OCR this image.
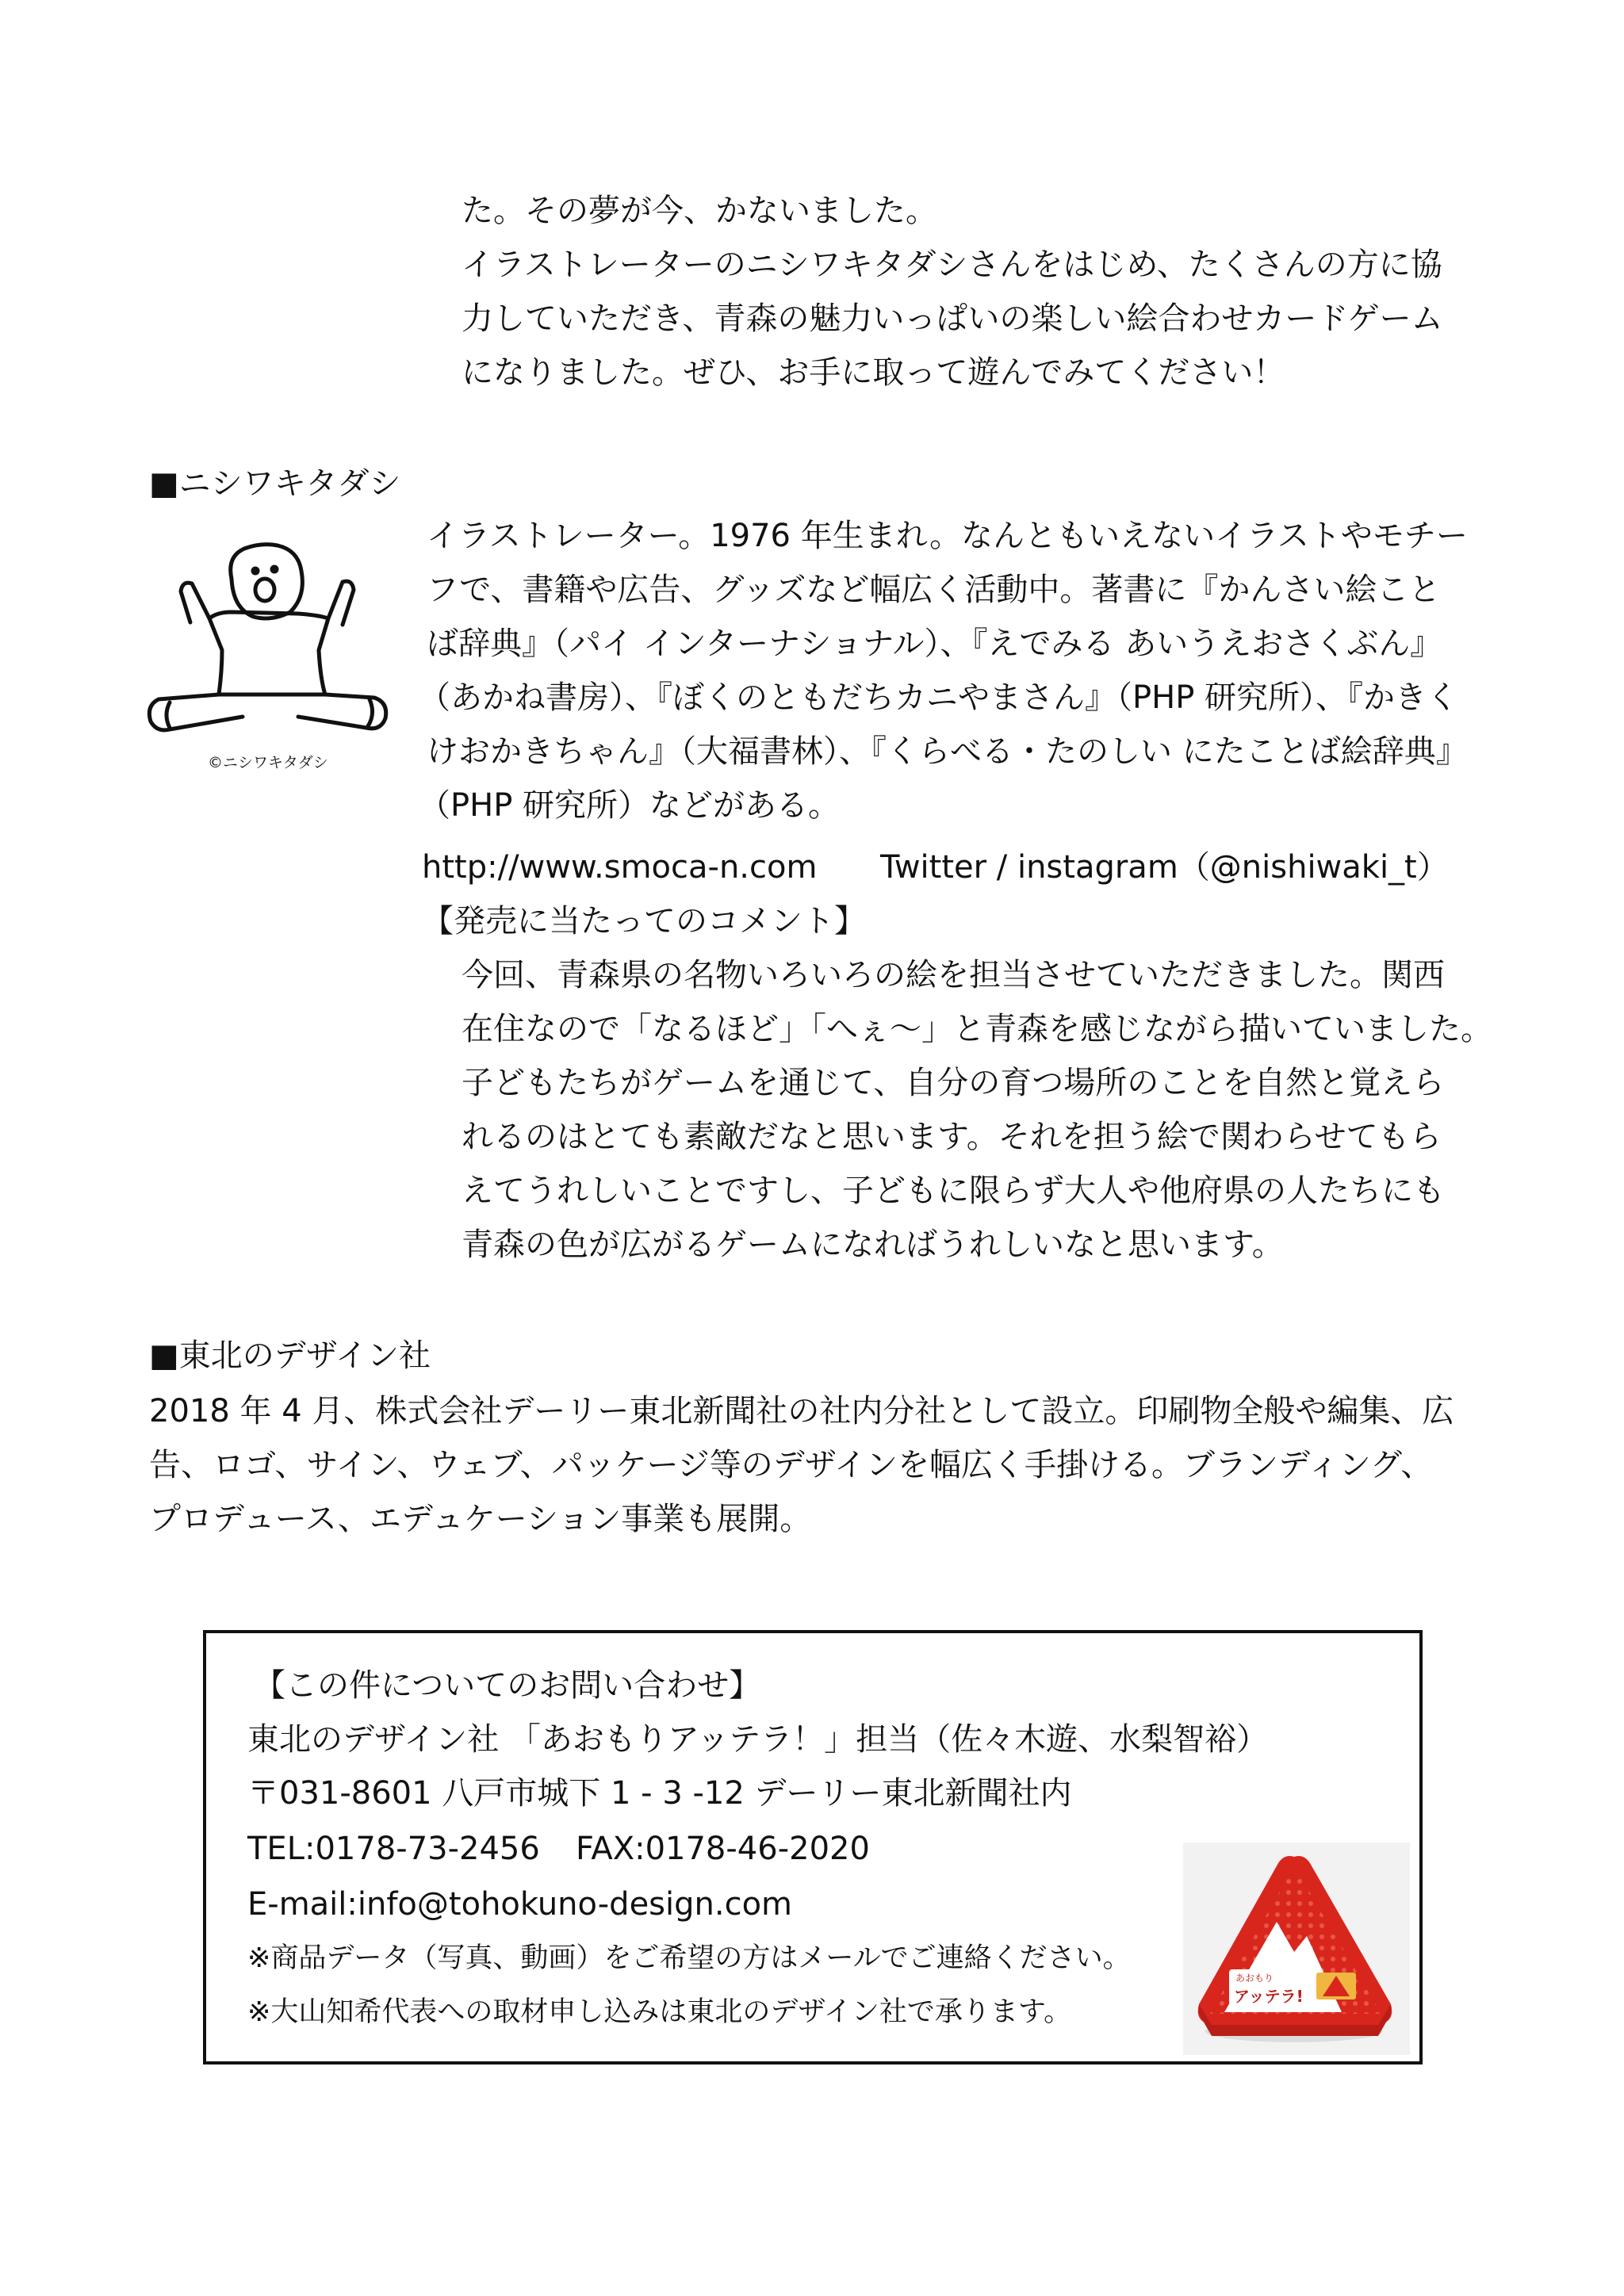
た。その夢が今、かないました。
イラストレーターのニシワキタダシさんをはじめ、たくさんの方に協
力していただき、青森の魅力いっぱいの楽しい絵合わせカードゲーム
になりました。ぜひ、お手に取って遊んでみてください！
■ニシワキタダシ
©ニシワキタダシ
イラストレーター。1976 年生まれ。なんともいえないイラストやモチー
フで、書籍や広告、グッズなど幅広く活動中。著書に『かんさい絵こと
ば辞典』（パイ インターナショナル）、『えでみる あいうえおさくぶん』
（あかね書房）、『ぼくのともだちカニやまさん』（PHP 研究所）、『かきく
けおかきちゃん』（大福書林）、『くらべる・たのしい にたことば絵辞典』
（PHP 研究所）などがある。
http://www.smoca-n.com Twitter / instagram（@nishiwaki_t）
【発売に当たってのコメント】
今回、青森県の名物いろいろの絵を担当させていただきました。関西
在住なので「なるほど」「へぇ～」と青森を感じながら描いていました。
子どもたちがゲームを通じて、自分の育つ場所のことを自然と覚えら
れるのはとても素敵だなと思います。それを担う絵で関わらせてもら
えてうれしいことですし、子どもに限らず大人や他府県の人たちにも
青森の色が広がるゲームになればうれしいなと思います。
■東北のデザイン社
2018 年 4 月、株式会社デーリー東北新聞社の社内分社として設立。印刷物全般や編集、広
告、ロゴ、サイン、ウェブ、パッケージ等のデザインを幅広く手掛ける。ブランディング、
プロデュース、エデュケーション事業も展開。
【この件についてのお問い合わせ】
東北のデザイン社 「あおもりアッテラ！」担当（佐々木遊、水梨智裕）
〒031-8601 八戸市城下 1 - 3 -12 デーリー東北新聞社内
TEL:0178-73-2456 FAX:0178-46-2020
E-mail:info@tohokuno-design.com
※商品データ（写真、動画）をご希望の方はメールでご連絡ください。
※大山知希代表への取材申し込みは東北のデザイン社で承ります。
あおもり
アッテラ!
